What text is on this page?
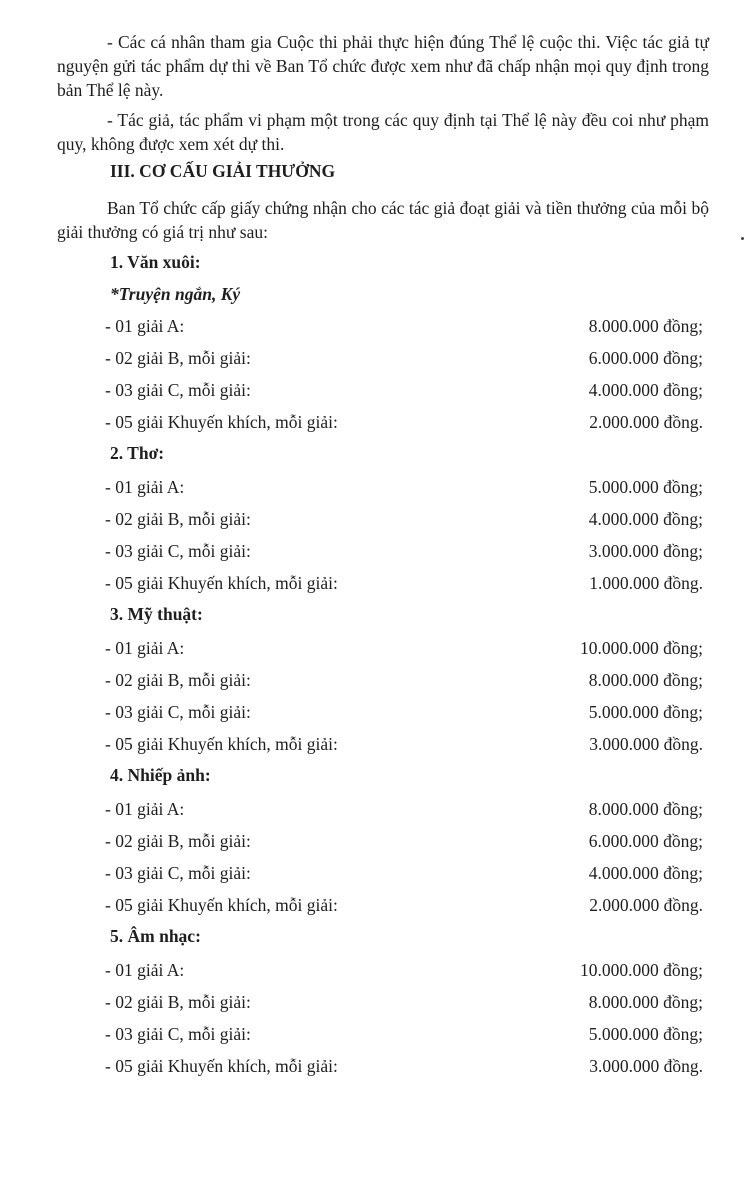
- Các cá nhân tham gia Cuộc thi phải thực hiện đúng Thể lệ cuộc thi. Việc tác giả tự nguyện gửi tác phẩm dự thi về Ban Tổ chức được xem như đã chấp nhận mọi quy định trong bản Thể lệ này.

- Tác giả, tác phẩm vi phạm một trong các quy định tại Thể lệ này đều coi như phạm quy, không được xem xét dự thi.

III. CƠ CẤU GIẢI THƯỞNG

Ban Tổ chức cấp giấy chứng nhận cho các tác giả đoạt giải và tiền thưởng của mỗi bộ giải thưởng có giá trị như sau:

1. Văn xuôi:
*Truyện ngắn, Ký
- 01 giải A:	8.000.000 đồng;
- 02 giải B, mỗi giải:	6.000.000 đồng;
- 03 giải C, mỗi giải:	4.000.000 đồng;
- 05 giải Khuyến khích, mỗi giải:	2.000.000 đồng.
2. Thơ:
- 01 giải A:	5.000.000 đồng;
- 02 giải B, mỗi giải:	4.000.000 đồng;
- 03 giải C, mỗi giải:	3.000.000 đồng;
- 05 giải Khuyến khích, mỗi giải:	1.000.000 đồng.
3. Mỹ thuật:
- 01 giải A:	10.000.000 đồng;
- 02 giải B, mỗi giải:	8.000.000 đồng;
- 03 giải C, mỗi giải:	5.000.000 đồng;
- 05 giải Khuyến khích, mỗi giải:	3.000.000 đồng.
4. Nhiếp ảnh:
- 01 giải A:	8.000.000 đồng;
- 02 giải B, mỗi giải:	6.000.000 đồng;
- 03 giải C, mỗi giải:	4.000.000 đồng;
- 05 giải Khuyến khích, mỗi giải:	2.000.000 đồng.
5. Âm nhạc:
- 01 giải A:	10.000.000 đồng;
- 02 giải B, mỗi giải:	8.000.000 đồng;
- 03 giải C, mỗi giải:	5.000.000 đồng;
- 05 giải Khuyến khích, mỗi giải:	3.000.000 đồng.
